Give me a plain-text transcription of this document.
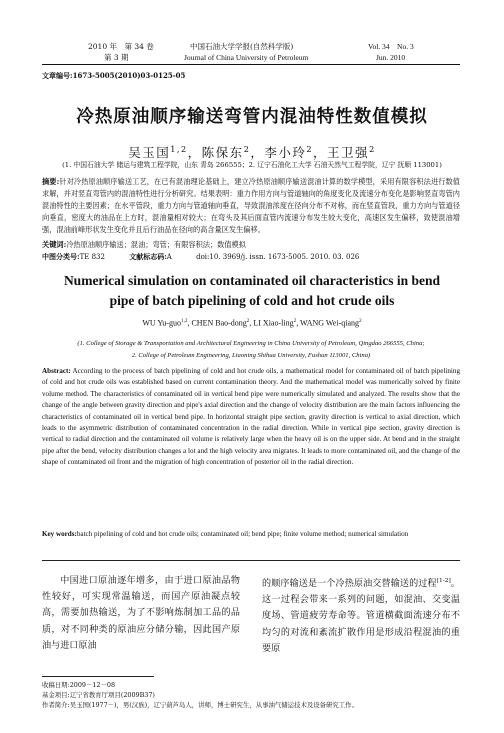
2010 年　第 34 卷
第 3 期
中国石油大学学报(自然科学版)
Journal of China University of Petroleum
Vol. 34　No. 3
Jun. 2010
文章编号:1673-5005(2010)03-0125-05
冷热原油顺序输送弯管内混油特性数值模拟
吴玉国$^{1,2}$，陈保东$^2$，李小玲$^2$，王卫强$^2$
(1. 中国石油大学 储运与建筑工程学院，山东 青岛 266555；2. 辽宁石油化工大学 石油天然气工程学院，辽宁 抚顺 113001)
摘要:针对冷热原油顺序输送工艺，在已有混油理论基础上，建立冷热原油顺序输送混油计算的数学模型，采用有限容积法进行数值求解，并对竖直弯管内的混油特性进行分析研究。结果表明：重力作用方向与管道轴向的角度变化及流速分布变化是影响竖直弯管内混油特性的主要因素；在水平管段，重力方向与管道轴向垂直，导致混油浓度在径向分布不对称，而在竖直管段，重力方向与管道径向垂直，密度大的油品在上方时，混油量相对较大；在弯头及其后面直管内流速分布发生较大变化，高速区发生偏移，致使混油增强，混油前峰形状发生变化并且后行油品在径向的高含量区发生偏移。
关键词:冷热原油顺序输送；混油；弯管；有限容积法；数值模拟
中图分类号:TE 832	文献标志码:A	doi:10. 3969/j. issn. 1673-5005. 2010. 03. 026
Numerical simulation on contaminated oil characteristics in bend
pipe of batch pipelining of cold and hot crude oils
WU Yu-guo$^{1,2}$, CHEN Bao-dong$^2$, LI Xiao-ling$^2$, WANG Wei-qiang$^2$
(1. College of Storage & Transportation and Architectural Engineering in China University of Petroleum, Qingdao 266555, China;
2. College of Petroleum Engineering, Liaoning Shihua University, Fushun 113001, China)
Abstract: According to the process of batch pipelining of cold and hot crude oils, a mathematical model for contaminated oil of batch pipelining of cold and hot crude oils was established based on current contamination theory. And the mathematical model was numerically solved by finite volume method. The characteristics of contaminated oil in vertical bend pipe were numerically simulated and analyzed. The results show that the change of the angle between gravity direction and pipe's axial direction and the change of velocity distribution are the main factors influencing the characteristics of contaminated oil in vertical bend pipe. In horizontal straight pipe section, gravity direction is vertical to axial direction, which leads to the asymmetric distribution of contaminated concentration in the radial direction. While in vertical pipe section, gravity direction is vertical to radial direction and the contaminated oil volume is relatively large when the heavy oil is on the upper side. At bend and in the straight pipe after the bend, velocity distribution changes a lot and the high velocity area migrates. It leads to more contaminated oil, and the change of the shape of contaminated oil front and the migration of high concentration of posterior oil in the radial direction.
Key words:batch pipelining of cold and hot crude oils; contaminated oil; bend pipe; finite volume method; numerical simulation
中国进口原油逐年增多，由于进口原油品物性较好，可实现常温输送，而国产原油凝点较高，需要加热输送，为了不影响炼制加工品的品质，对不同种类的原油应分储分输，因此国产原油与进口原油
的顺序输送是一个冷热原油交替输送的过程[1-2]。这一过程会带来一系列的问题，如混油、交变温度场、管道疲劳寿命等。管道横截面流速分布不均匀的对流和紊流扩散作用是形成沿程混油的重要原
收稿日期:2009－12－08
基金项目:辽宁省教育厅项目(2009B37)
作者简介:吴玉国(1977－)，男(汉族)，辽宁葫芦岛人，讲师，博士研究生，从事油气储运技术及设备研究工作。
